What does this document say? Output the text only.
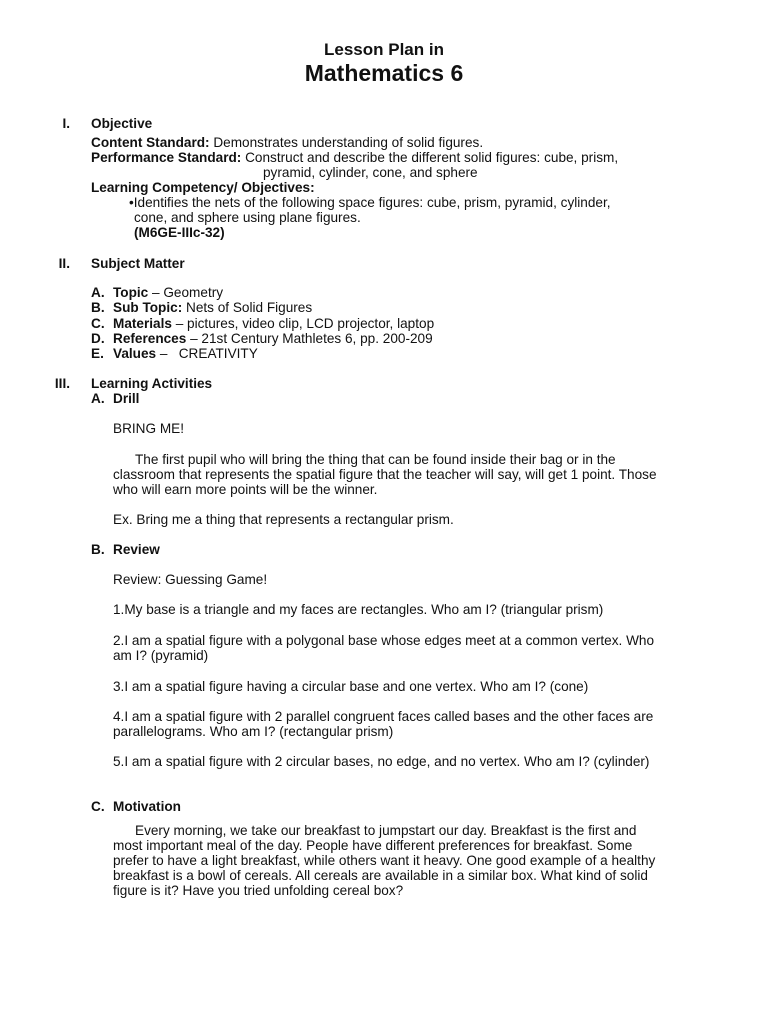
Lesson Plan in
Mathematics 6
I. Objective
Content Standard: Demonstrates understanding of solid figures.
Performance Standard: Construct and describe the different solid figures: cube, prism,
pyramid, cylinder, cone, and sphere
Learning Competency/ Objectives:
•Identifies the nets of the following space figures: cube, prism, pyramid, cylinder,
cone, and sphere using plane figures.
(M6GE-IIIc-32)
II. Subject Matter
A. Topic – Geometry
B. Sub Topic: Nets of Solid Figures
C. Materials – pictures, video clip, LCD projector, laptop
D. References – 21st Century Mathletes 6, pp. 200-209
E. Values –   CREATIVITY
III. Learning Activities
A. Drill
BRING ME!
The first pupil who will bring the thing that can be found inside their bag or in the
classroom that represents the spatial figure that the teacher will say, will get 1 point. Those
who will earn more points will be the winner.
Ex. Bring me a thing that represents a rectangular prism.
B. Review
Review: Guessing Game!
1.My base is a triangle and my faces are rectangles. Who am I? (triangular prism)
2.I am a spatial figure with a polygonal base whose edges meet at a common vertex. Who
am I? (pyramid)
3.I am a spatial figure having a circular base and one vertex. Who am I? (cone)
4.I am a spatial figure with 2 parallel congruent faces called bases and the other faces are
parallelograms. Who am I? (rectangular prism)
5.I am a spatial figure with 2 circular bases, no edge, and no vertex. Who am I? (cylinder)
C. Motivation
Every morning, we take our breakfast to jumpstart our day. Breakfast is the first and
most important meal of the day. People have different preferences for breakfast. Some
prefer to have a light breakfast, while others want it heavy. One good example of a healthy
breakfast is a bowl of cereals. All cereals are available in a similar box. What kind of solid
figure is it? Have you tried unfolding cereal box?
